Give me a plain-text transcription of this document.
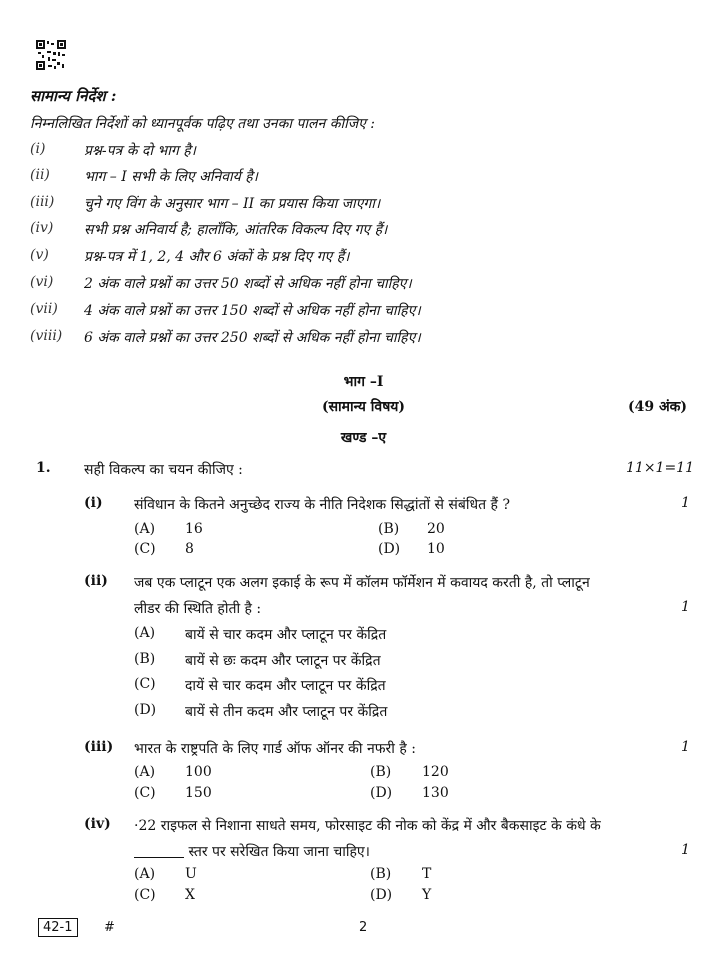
सामान्य निर्देश :
निम्नलिखित निर्देशों को ध्यानपूर्वक पढ़िए तथा उनका पालन कीजिए :
(i)	प्रश्न-पत्र के दो भाग है।
(ii) भाग – I सभी के लिए अनिवार्य है।
(iii) चुने गए विंग के अनुसार भाग – II का प्रयास किया जाएगा।
(iv) सभी प्रश्न अनिवार्य है; हालाँकि, आंतरिक विकल्प दिए गए हैं।
(v)	प्रश्न-पत्र में 1, 2, 4 और 6 अंकों के प्रश्न दिए गए हैं।
(vi) 2 अंक वाले प्रश्नों का उत्तर 50 शब्दों से अधिक नहीं होना चाहिए।
(vii) 4 अंक वाले प्रश्नों का उत्तर 150 शब्दों से अधिक नहीं होना चाहिए।
(viii) 6 अंक वाले प्रश्नों का उत्तर 250 शब्दों से अधिक नहीं होना चाहिए।
भाग –I
(सामान्य विषय)	(49 अंक)
खण्ड –ए
1. सही विकल्प का चयन कीजिए :	11×1=11
(i) संविधान के कितने अनुच्छेद राज्य के नीति निदेशक सिद्धांतों से संबंधित हैं ?	1
(A) 16	(B) 20
(C) 8	(D) 10
(ii) जब एक प्लाटून एक अलग इकाई के रूप में कॉलम फॉर्मेशन में कवायद करती है, तो प्लाटून
लीडर की स्थिति होती है :	1
(A) बायें से चार कदम और प्लाटून पर केंद्रित
(B) बायें से छः कदम और प्लाटून पर केंद्रित
(C) दायें से चार कदम और प्लाटून पर केंद्रित
(D) बायें से तीन कदम और प्लाटून पर केंद्रित
(iii) भारत के राष्ट्रपति के लिए गार्ड ऑफ ऑनर की नफरी है :	1
(A) 100	(B) 120
(C) 150	(D) 130
(iv) ·22 राइफल से निशाना साधते समय, फोरसाइट की नोक को केंद्र में और बैकसाइट के कंधे के
स्तर पर सरेखित किया जाना चाहिए।	1
(A) U	(B) T
(C) X	(D) Y
42-1	#	2
